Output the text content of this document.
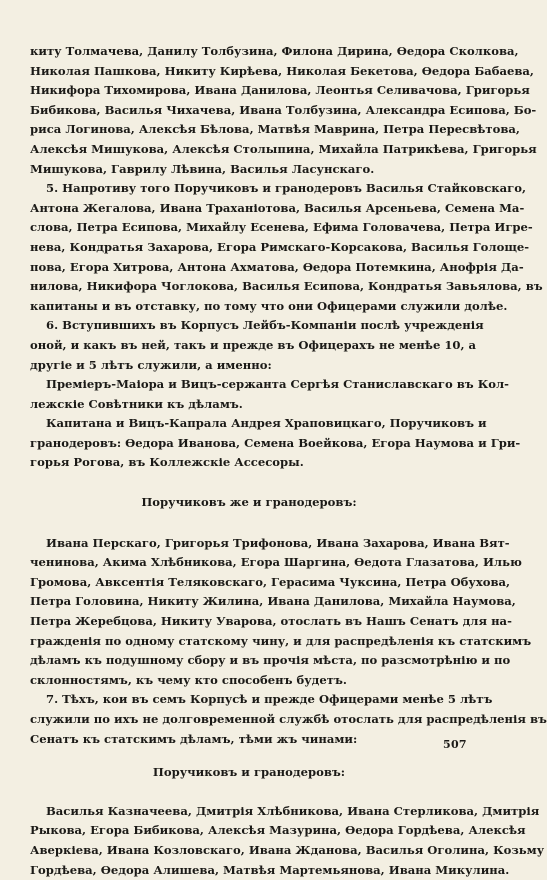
киту Толмачева, Данилу Толбузина, Филона Дирина, Өедора Сколкова,
Николая Пашкова, Никиту Кирѣева, Николая Бекетова, Өедора Бабаева,
Никифора Тихомирова, Ивана Данилова, Леонтья Селивачова, Григорья
Бибикова, Василья Чихачева, Ивана Толбузина, Александра Есипова, Бо-
риса Логинова, Алексѣя Бѣлова, Матвѣя Маврина, Петра Пересвѣтова,
Алексѣя Мишукова, Алексѣя Столыпина, Михайла Патрикѣева, Григорья
Мишукова, Гаврилу Лѣвина, Василья Ласунскаго.
5. Напротиву того Поручиковъ и гранодеровъ Василья Стайковскаго,
Антона Жегалова, Ивана Траханіотова, Василья Арсеньева, Семена Ма-
слова, Петра Есипова, Михайлу Есенева, Ефима Головачева, Петра Игре-
нева, Кондратья Захарова, Егора Римскаго-Корсакова, Василья Голоще-
пова, Егора Хитрова, Антона Ахматова, Өедора Потемкина, Анофрія Да-
нилова, Никифора Чоглокова, Василья Есипова, Кондратья Завьялова, въ
капитаны и въ отставку, по тому что они Офицерами служили долѣе.
6. Вступившихъ въ Корпусъ Лейбъ-Компаніи послѣ учрежденія
оной, и какъ въ ней, такъ и прежде въ Офицерахъ не менѣе 10, а
другіе и 5 лѣтъ служили, а именно:
Преміеръ-Маіора и Вицъ-сержанта Сергѣя Станиславскаго въ Кол-
лежскіе Совѣтники къ дѣламъ.
Капитана и Вицъ-Капрала Андрея Храповицкаго, Поручиковъ и
гранодеровъ: Өедора Иванова, Семена Воейкова, Егора Наумова и Гри-
горья Рогова, въ Коллежскіе Ассесоры.
Поручиковъ же и гранодеровъ:
Ивана Перскаго, Григорья Трифонова, Ивана Захарова, Ивана Вят-
ченинова, Акима Хлѣбникова, Егора Шаргина, Өедота Глазатова, Илью
Громова, Авксентія Теляковскаго, Герасима Чуксина, Петра Обухова,
Петра Головина, Никиту Жилина, Ивана Данилова, Михайла Наумова,
Петра Жеребцова, Никиту Уварова, отослать въ Нашъ Сенатъ для на-
гражденія по одному статскому чину, и для распредѣленія къ статскимъ
дѣламъ къ подушному сбору и въ прочія мѣста, по разсмотрѣнію и по
склонностямъ, къ чему кто способенъ будетъ.
7. Тѣхъ, кои въ семъ Корпусѣ и прежде Офицерами менѣе 5 лѣтъ
служили по ихъ не долговременной службѣ отослать для распредѣленія въ
Сенатъ къ статскимъ дѣламъ, тѣми жъ чинами:
Поручиковъ и гранодеровъ:
Василья Казначеева, Дмитрія Хлѣбникова, Ивана Стерликова, Дмитрія
Рыкова, Егора Бибикова, Алексѣя Мазурина, Өедора Гордѣева, Алексѣя
Аверкіева, Ивана Козловскаго, Ивана Жданова, Василья Оголина, Козьму
Гордѣева, Өедора Алишева, Матвѣя Мартемьянова, Ивана Микулина.
507
